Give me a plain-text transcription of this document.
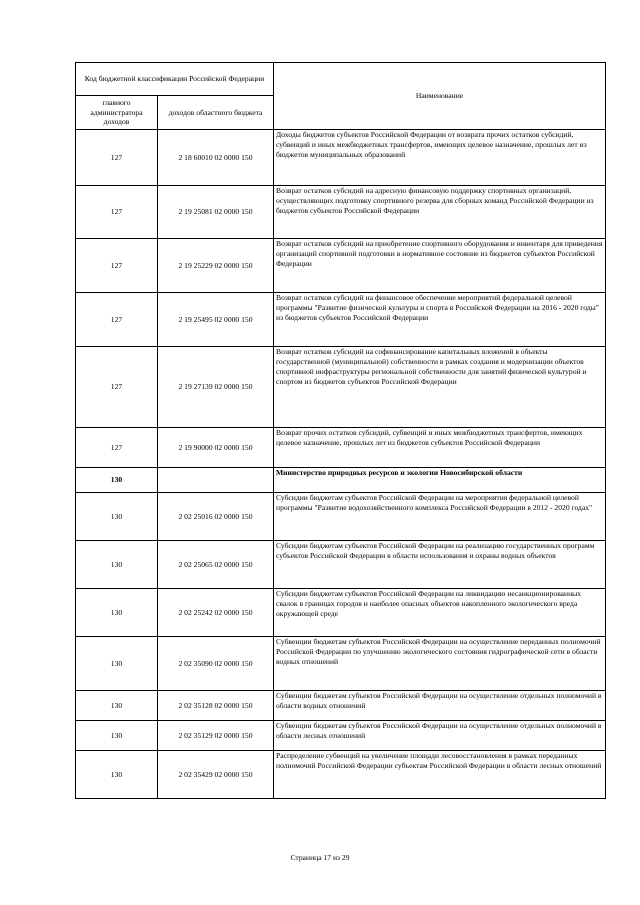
Код бюджетной классификации Российской Федерации		Наименование
главного администратора доходов	доходов областного бюджета	
127	2 18 60010 02 0000 150	Доходы бюджетов субъектов Российской Федерации от возврата прочих остатков субсидий, субвенций и иных межбюджетных трансфертов, имеющих целевое назначение, прошлых лет из бюджетов муниципальных образований
127	2 19 25081 02 0000 150	Возврат остатков субсидий на адресную финансовую поддержку спортивных организаций, осуществляющих подготовку спортивного резерва для сборных команд Российской Федерации из бюджетов субъектов Российской Федерации
127	2 19 25229 02 0000 150	Возврат остатков субсидий на приобретение спортивного оборудования и инвентаря для приведения организаций спортивной подготовки в нормативное состояние из бюджетов субъектов Российской Федерации
127	2 19 25495 02 0000 150	Возврат остатков субсидий на финансовое обеспечение мероприятий федеральной целевой программы "Развитие физической культуры и спорта в Российской Федерации на 2016 - 2020 годы" из бюджетов субъектов Российской Федерации
127	2 19 27139 02 0000 150	Возврат остатков субсидий на софинансирование капитальных вложений в объекты государственной (муниципальной) собственности в рамках создания и модернизации объектов спортивной инфраструктуры региональной собственности для занятий физической культурой и спортом из бюджетов субъектов Российской Федерации
127	2 19 90000 02 0000 150	Возврат прочих остатков субсидий, субвенций и иных межбюджетных трансфертов, имеющих целевое назначение, прошлых лет из бюджетов субъектов Российской Федерации
130		Министерство природных ресурсов и экологии Новосибирской области
130	2 02 25016 02 0000 150	Субсидии бюджетам субъектов Российской Федерации на мероприятия федеральной целевой программы "Развитие водохозяйственного комплекса Российской Федерации в 2012 - 2020 годах"
130	2 02 25065 02 0000 150	Субсидии бюджетам субъектов Российской Федерации на реализацию государственных программ субъектов Российской Федерации в области использования и охраны водных объектов
130	2 02 25242 02 0000 150	Субсидии бюджетам субъектов Российской Федерации на ликвидацию несанкционированных свалок в границах городов и наиболее опасных объектов накопленного экологического вреда окружающей среде
130	2 02 35090 02 0000 150	Субвенции бюджетам субъектов Российской Федерации на осуществление переданных полномочий Российской Федерации по улучшению экологического состояния гидрографической сети в области водных отношений
130	2 02 35128 02 0000 150	Субвенции бюджетам субъектов Российской Федерации на осуществление отдельных полномочий в области водных отношений
130	2 02 35129 02 0000 150	Субвенции бюджетам субъектов Российской Федерации на осуществление отдельных полномочий в области лесных отношений
130	2 02 35429 02 0000 150	Распределение субвенций на увеличение площади лесовосстановления в рамках переданных полномочий Российской Федерации субъектам Российской Федерации в области лесных отношений
Страница 17 из 29
